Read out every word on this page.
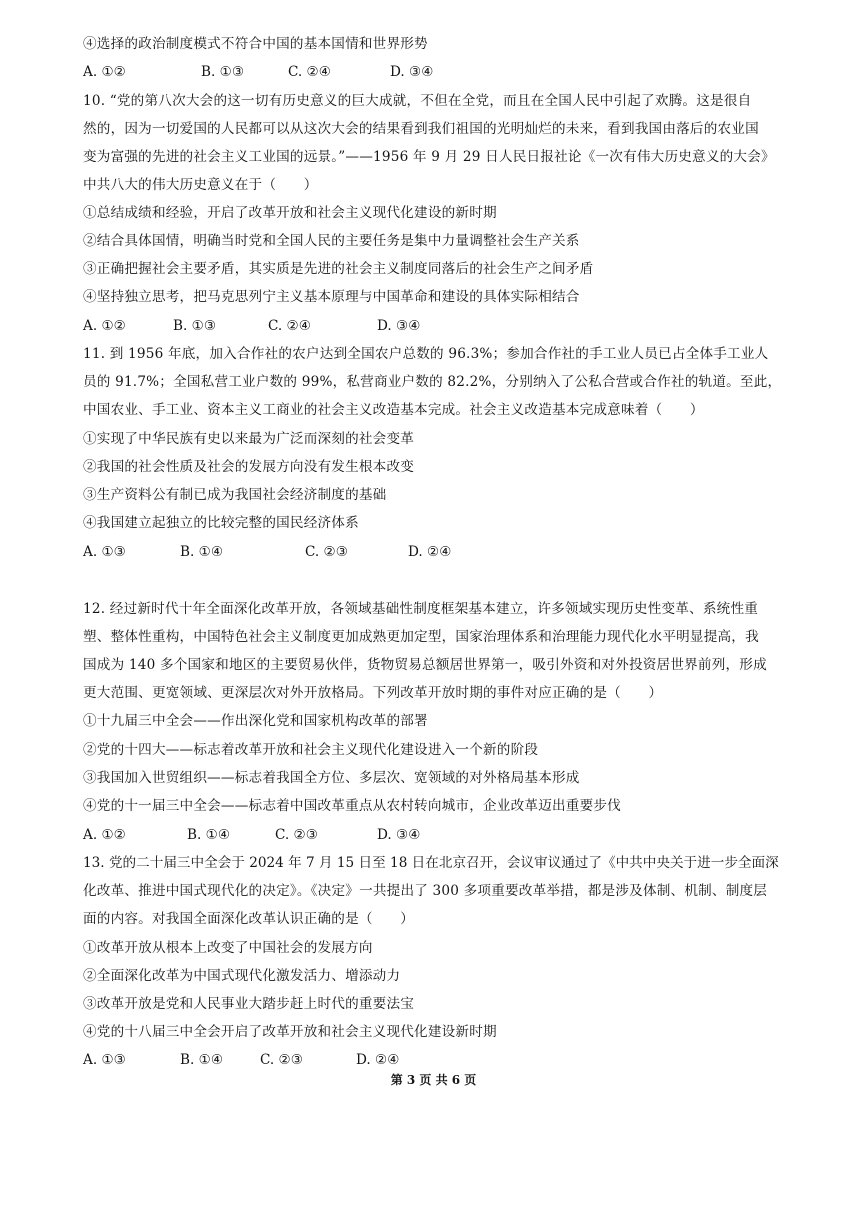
④选择的政治制度模式不符合中国的基本国情和世界形势
A. ①②	B. ①③	C. ②④	D. ③④
10. “党的第八次大会的这一切有历史意义的巨大成就，不但在全党，而且在全国人民中引起了欢腾。这是很自
然的，因为一切爱国的人民都可以从这次大会的结果看到我们祖国的光明灿烂的未来，看到我国由落后的农业国
变为富强的先进的社会主义工业国的远景。”——1956 年 9 月 29 日人民日报社论《一次有伟大历史意义的大会》
中共八大的伟大历史意义在于（　　）
①总结成绩和经验，开启了改革开放和社会主义现代化建设的新时期
②结合具体国情，明确当时党和全国人民的主要任务是集中力量调整社会生产关系
③正确把握社会主要矛盾，其实质是先进的社会主义制度同落后的社会生产之间矛盾
④坚持独立思考，把马克思列宁主义基本原理与中国革命和建设的具体实际相结合
A. ①②	B. ①③	C. ②④	D. ③④
11. 到 1956 年底，加入合作社的农户达到全国农户总数的 96.3%；参加合作社的手工业人员已占全体手工业人
员的 91.7%；全国私营工业户数的 99%，私营商业户数的 82.2%，分别纳入了公私合营或合作社的轨道。至此，
中国农业、手工业、资本主义工商业的社会主义改造基本完成。社会主义改造基本完成意味着（　　）
①实现了中华民族有史以来最为广泛而深刻的社会变革
②我国的社会性质及社会的发展方向没有发生根本改变
③生产资料公有制已成为我国社会经济制度的基础
④我国建立起独立的比较完整的国民经济体系
A. ①③	B. ①④	C. ②③	D. ②④
12. 经过新时代十年全面深化改革开放，各领域基础性制度框架基本建立，许多领域实现历史性变革、系统性重
塑、整体性重构，中国特色社会主义制度更加成熟更加定型，国家治理体系和治理能力现代化水平明显提高，我
国成为 140 多个国家和地区的主要贸易伙伴，货物贸易总额居世界第一，吸引外资和对外投资居世界前列，形成
更大范围、更宽领域、更深层次对外开放格局。下列改革开放时期的事件对应正确的是（　　）
①十九届三中全会——作出深化党和国家机构改革的部署
②党的十四大——标志着改革开放和社会主义现代化建设进入一个新的阶段
③我国加入世贸组织——标志着我国全方位、多层次、宽领域的对外格局基本形成
④党的十一届三中全会——标志着中国改革重点从农村转向城市，企业改革迈出重要步伐
A. ①②	B. ①④	C. ②③	D. ③④
13. 党的二十届三中全会于 2024 年 7 月 15 日至 18 日在北京召开，会议审议通过了《中共中央关于进一步全面深
化改革、推进中国式现代化的决定》。《决定》一共提出了 300 多项重要改革举措，都是涉及体制、机制、制度层
面的内容。对我国全面深化改革认识正确的是（　　）
①改革开放从根本上改变了中国社会的发展方向
②全面深化改革为中国式现代化激发活力、增添动力
③改革开放是党和人民事业大踏步赶上时代的重要法宝
④党的十八届三中全会开启了改革开放和社会主义现代化建设新时期
A. ①③	B. ①④	C. ②③	D. ②④
第 3 页 共 6 页
